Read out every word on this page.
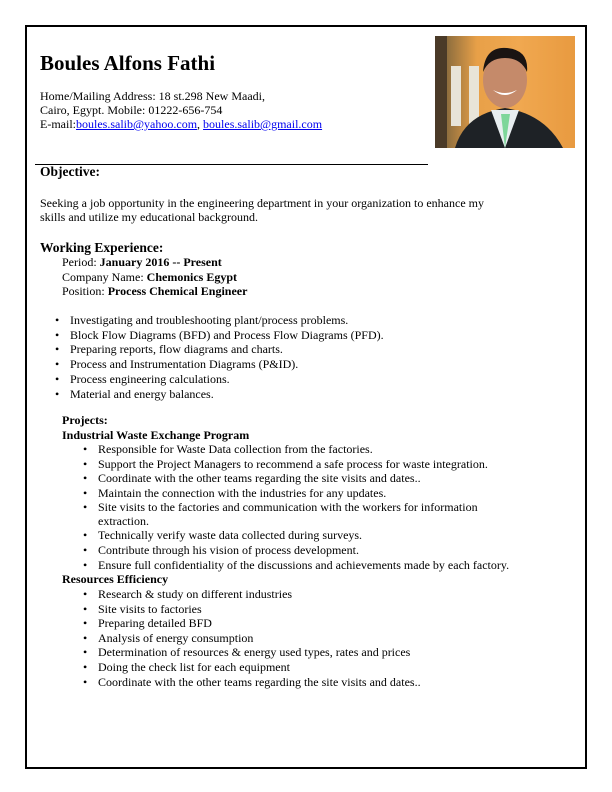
Boules Alfons Fathi
Home/Mailing Address: 18 st.298 New Maadi,
Cairo, Egypt. Mobile: 01222-656-754
E-mail:boules.salib@yahoo.com, boules.salib@gmail.com
Objective:
Seeking a job opportunity in the engineering department in your organization to enhance my skills and utilize my educational background.
Working Experience:
Period: January 2016 -- Present
Company Name: Chemonics Egypt
Position: Process Chemical Engineer
• Investigating and troubleshooting plant/process problems.
• Block Flow Diagrams (BFD) and Process Flow Diagrams (PFD).
• Preparing reports, flow diagrams and charts.
• Process and Instrumentation Diagrams (P&ID).
• Process engineering calculations.
• Material and energy balances.
Projects:
Industrial Waste Exchange Program
• Responsible for Waste Data collection from the factories.
• Support the Project Managers to recommend a safe process for waste integration.
• Coordinate with the other teams regarding the site visits and dates..
• Maintain the connection with the industries for any updates.
• Site visits to the factories and communication with the workers for information extraction.
• Technically verify waste data collected during surveys.
• Contribute through his vision of process development.
• Ensure full confidentiality of the discussions and achievements made by each factory.
Resources Efficiency
• Research & study on different industries
• Site visits to factories
• Preparing detailed BFD
• Analysis of energy consumption
• Determination of resources & energy used types, rates and prices
• Doing the check list for each equipment
• Coordinate with the other teams regarding the site visits and dates..
